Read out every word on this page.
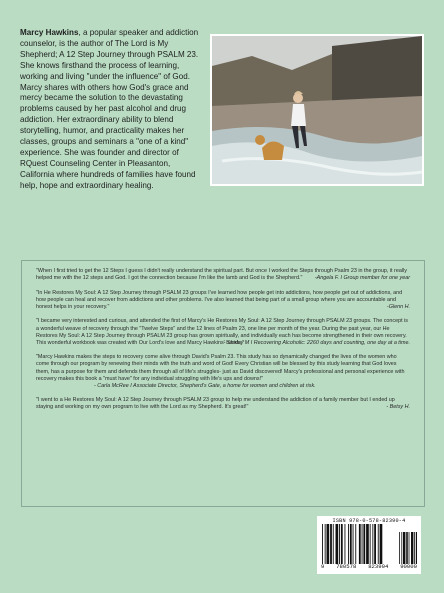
Marcy Hawkins, a popular speaker and addiction counselor, is the author of The Lord is My Shepherd; A 12 Step Journey through PSALM 23. She knows firsthand the process of learning, working and living "under the influence" of God. Marcy shares with others how God's grace and mercy became the solution to the devastating problems caused by her past alcohol and drug addiction. Her extraordinary ability to blend storytelling, humor, and practicality makes her classes, groups and seminars a "one of a kind" experience. She was founder and director of RQuest Counseling Center in Pleasanton, California where hundreds of families have found help, hope and extraordinary healing.
"When I first tried to get the 12 Steps I guess I didn't really understand the spiritual part. But once I worked the Steps through Psalm 23 in the group, it really helped me with the 12 steps and God. I got the connection because I'm like the lamb and God is the Shepherd."	-Angela F. I Group member for one year
"In He Restores My Soul: A 12 Step Journey through PSALM 23 groups I've learned how people get into addictions, how people get out of addictions, and how people can heal and recover from addictions and other problems. I've also learned that being part of a small group where you are accountable and honest helps in your recovery."	-Glenn H.
"I became very interested and curious, and attended the first of Marcy's He Restores My Soul: A 12 Step Journey through PSALM 23 groups. The concept is a wonderful weave of recovery through the "Twelve Steps" and the 12 lines of Psalm 23, one line per month of the year. During the past year, our He Restores My Soul: A 12 Step Journey through PSALM 23 group has grown spiritually, and individually each has become strengthened in their own recovery. This wonderful workbook was created with Our Lord's love and Marcy Hawkins' hands,"

- Shirley M I Recovering Alcoholic: 2260 days and counting, one day at a time.
"Marcy Hawkins makes the steps to recovery come alive through David's Psalm 23. This study has so dynamically changed the lives of the women who come through our program by renewing their minds with the truth and word of God! Every Christian will be blessed by this study learning that God loves them, has a purpose for them and defends them through all of life's struggles- just as David discovered! Marcy's professional and personal experience with recovery makes this book a "must have" for any individual struggling with life's ups and downs!"

- Carla McRee I Associate Director, Shepherd's Gate, a home for women and children at risk.
"I went to a He Restores My Soul: A 12 Step Journey through PSALM 23 group to help me understand the addiction of a family member but I ended up staying and working on my own program to live with the Lord as my Shepherd. It's great!"	- Betsy H.
ISBN 978-0-578-82390-4
9 780578 823904 90000
